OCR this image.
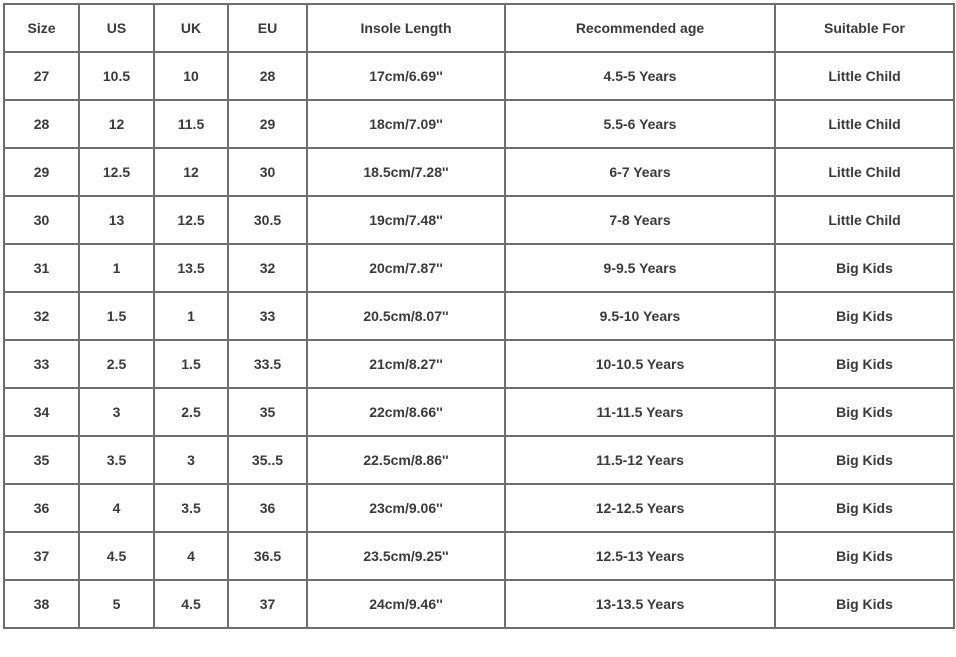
Size	US	UK	EU	Insole Length	Recommended age	Suitable For
27	10.5	10	28	17cm/6.69''	4.5-5 Years	Little Child
28	12	11.5	29	18cm/7.09''	5.5-6 Years	Little Child
29	12.5	12	30	18.5cm/7.28''	6-7 Years	Little Child
30	13	12.5	30.5	19cm/7.48''	7-8 Years	Little Child
31	1	13.5	32	20cm/7.87''	9-9.5 Years	Big Kids
32	1.5	1	33	20.5cm/8.07''	9.5-10 Years	Big Kids
33	2.5	1.5	33.5	21cm/8.27''	10-10.5 Years	Big Kids
34	3	2.5	35	22cm/8.66''	11-11.5 Years	Big Kids
35	3.5	3	35..5	22.5cm/8.86''	11.5-12 Years	Big Kids
36	4	3.5	36	23cm/9.06''	12-12.5 Years	Big Kids
37	4.5	4	36.5	23.5cm/9.25''	12.5-13 Years	Big Kids
38	5	4.5	37	24cm/9.46''	13-13.5 Years	Big Kids
